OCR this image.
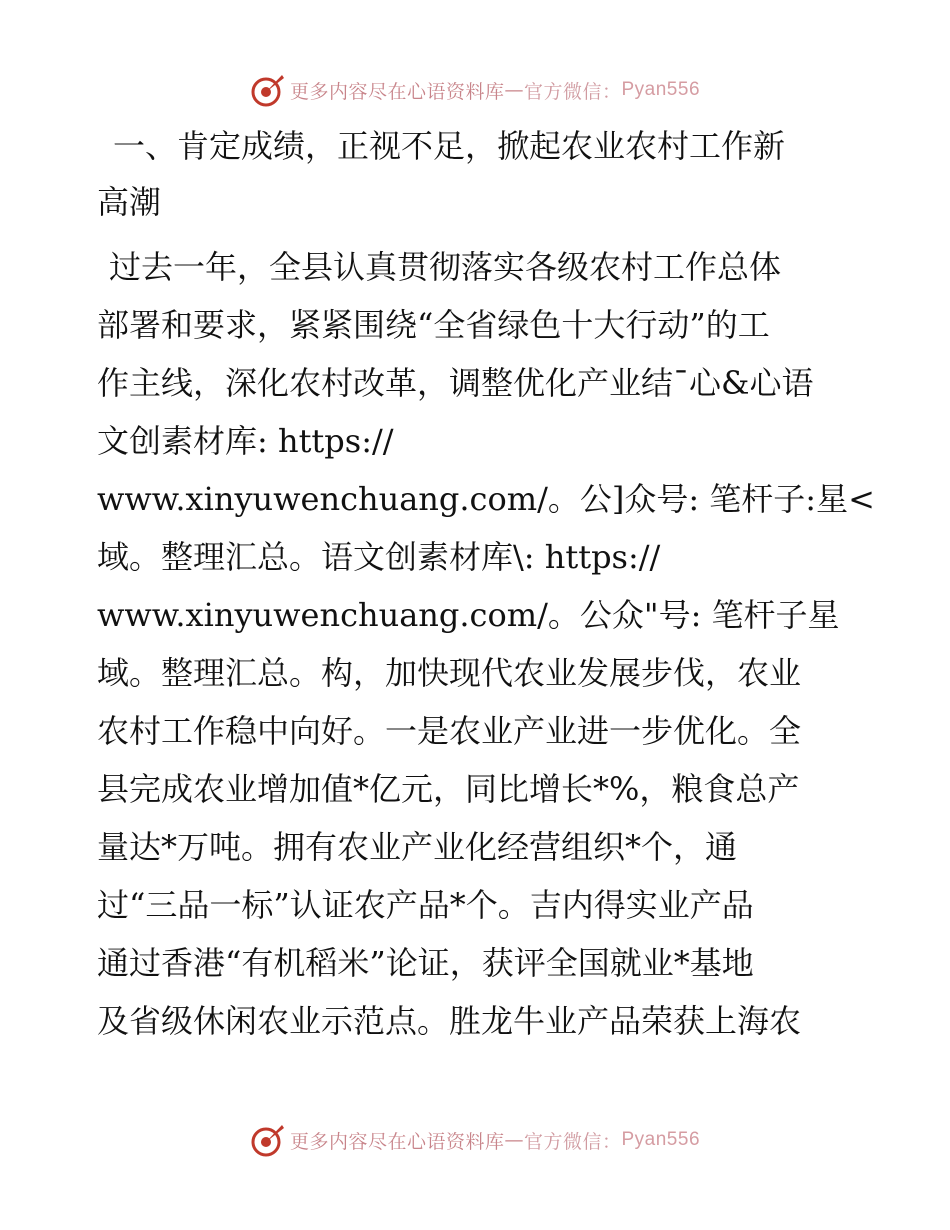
更多内容尽在心语资料库 — 官方微信： Pyan556
一、肯定成绩，正视不足，掀起农业农村工作新
高潮
过去一年，全县认真贯彻落实各级农村工作总体
部署和要求，紧紧围绕“全省绿色十大行动”的工
作主线，深化农村改革，调整优化产业结¯心&心语
文创素材库: https://
www.xinyuwenchuang.com/。公]众号: 笔杆子:星<
域。整理汇总。语文创素材库\: https://
www.xinyuwenchuang.com/。公众"号: 笔杆子星
域。整理汇总。构，加快现代农业发展步伐，农业
农村工作稳中向好。一是农业产业进一步优化。全
县完成农业增加值*亿元，同比增长*%，粮食总产
量达*万吨。拥有农业产业化经营组织*个，通
过“三品一标”认证农产品*个。吉内得实业产品
通过香港“有机稻米”论证，获评全国就业*基地
及省级休闲农业示范点。胜龙牛业产品荣获上海农
更多内容尽在心语资料库 — 官方微信： Pyan556
